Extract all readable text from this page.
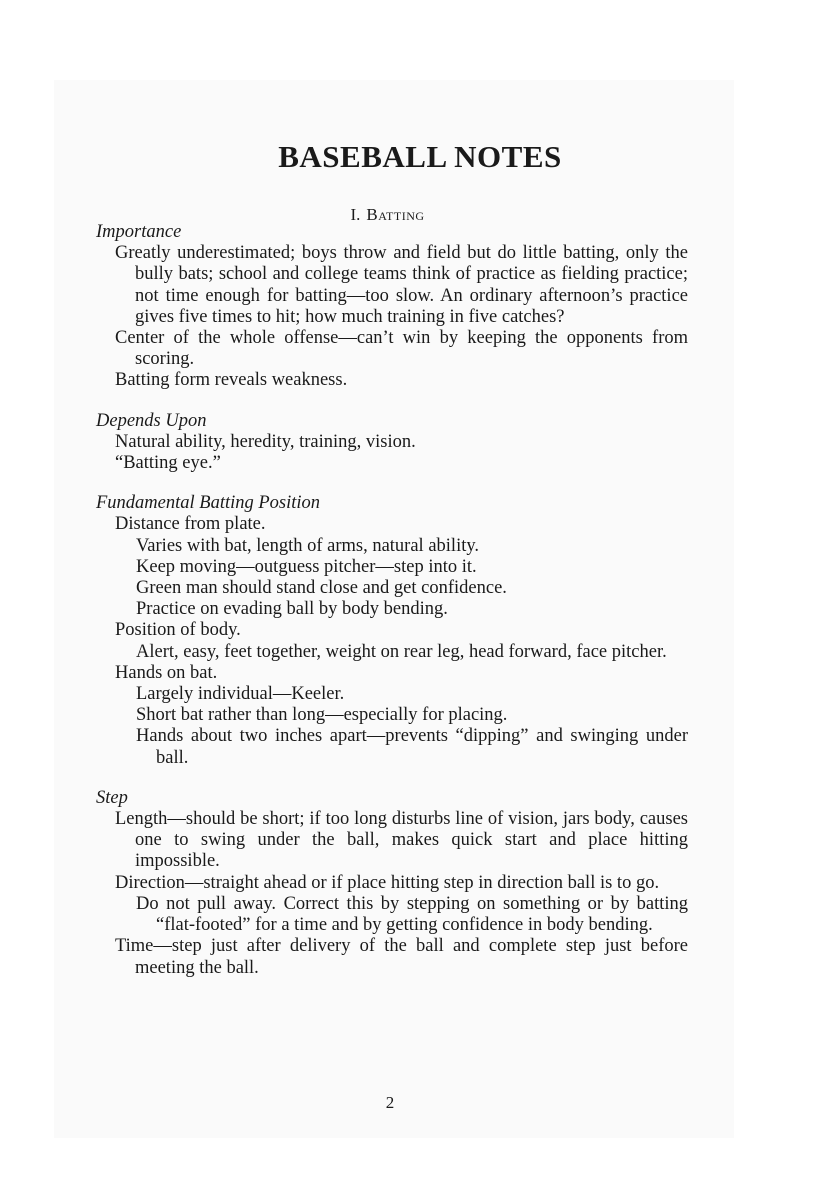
BASEBALL NOTES

I. Batting

Importance
Greatly underestimated; boys throw and field but do little batting, only the bully bats; school and college teams think of practice as fielding practice; not time enough for batting—too slow. An ordinary afternoon’s practice gives five times to hit; how much training in five catches?
Center of the whole offense—can’t win by keeping the opponents from scoring.
Batting form reveals weakness.
Depends Upon
Natural ability, heredity, training, vision.
“Batting eye.”
Fundamental Batting Position
Distance from plate.
Varies with bat, length of arms, natural ability.
Keep moving—outguess pitcher—step into it.
Green man should stand close and get confidence.
Practice on evading ball by body bending.
Position of body.
Alert, easy, feet together, weight on rear leg, head forward, face pitcher.
Hands on bat.
Largely individual—Keeler.
Short bat rather than long—especially for placing.
Hands about two inches apart—prevents “dipping” and swinging under ball.
Step
Length—should be short; if too long disturbs line of vision, jars body, causes one to swing under the ball, makes quick start and place hitting impossible.
Direction—straight ahead or if place hitting step in direction ball is to go.
Do not pull away. Correct this by stepping on something or by batting “flat-footed” for a time and by getting confidence in body bending.
Time—step just after delivery of the ball and complete step just before meeting the ball.

2
